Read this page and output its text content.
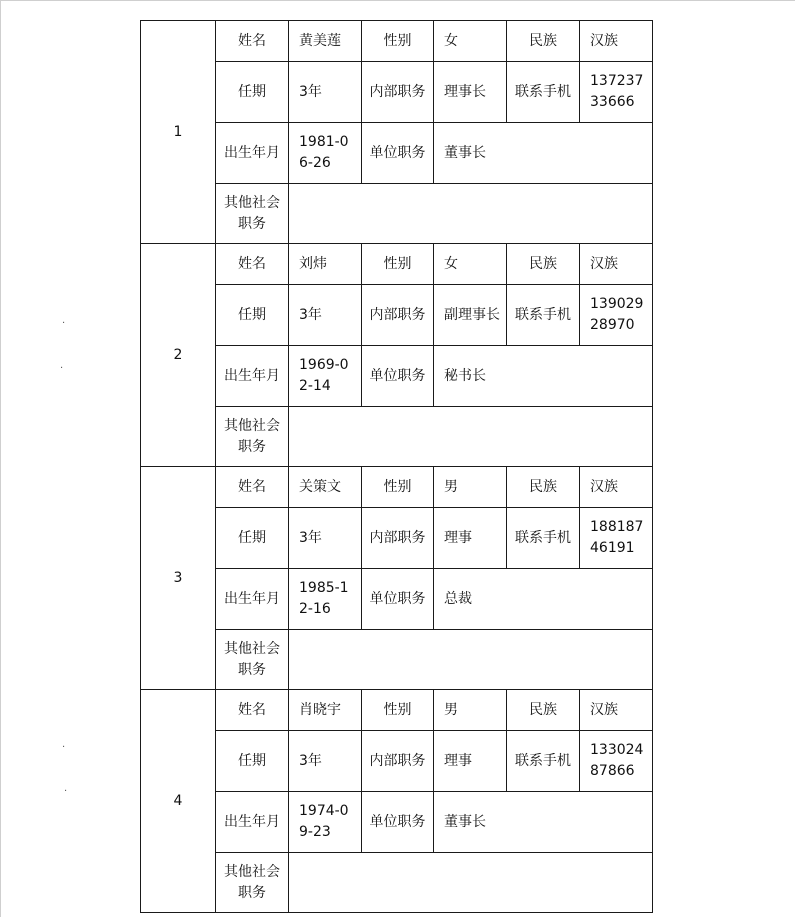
·
·
·
·
1	姓名	黄美莲	性别	女	民族	汉族
	任期	3年	内部职务	理事长	联系手机	13723733666
	出生年月	1981-06-26	单位职务	董事长		
	其他社会职务					
2	姓名	刘炜	性别	女	民族	汉族
	任期	3年	内部职务	副理事长	联系手机	13902928970
	出生年月	1969-02-14	单位职务	秘书长		
	其他社会职务					
3	姓名	关策文	性别	男	民族	汉族
	任期	3年	内部职务	理事	联系手机	18818746191
	出生年月	1985-12-16	单位职务	总裁		
	其他社会职务					
4	姓名	肖晓宇	性别	男	民族	汉族
	任期	3年	内部职务	理事	联系手机	13302487866
	出生年月	1974-09-23	单位职务	董事长		
	其他社会职务					
